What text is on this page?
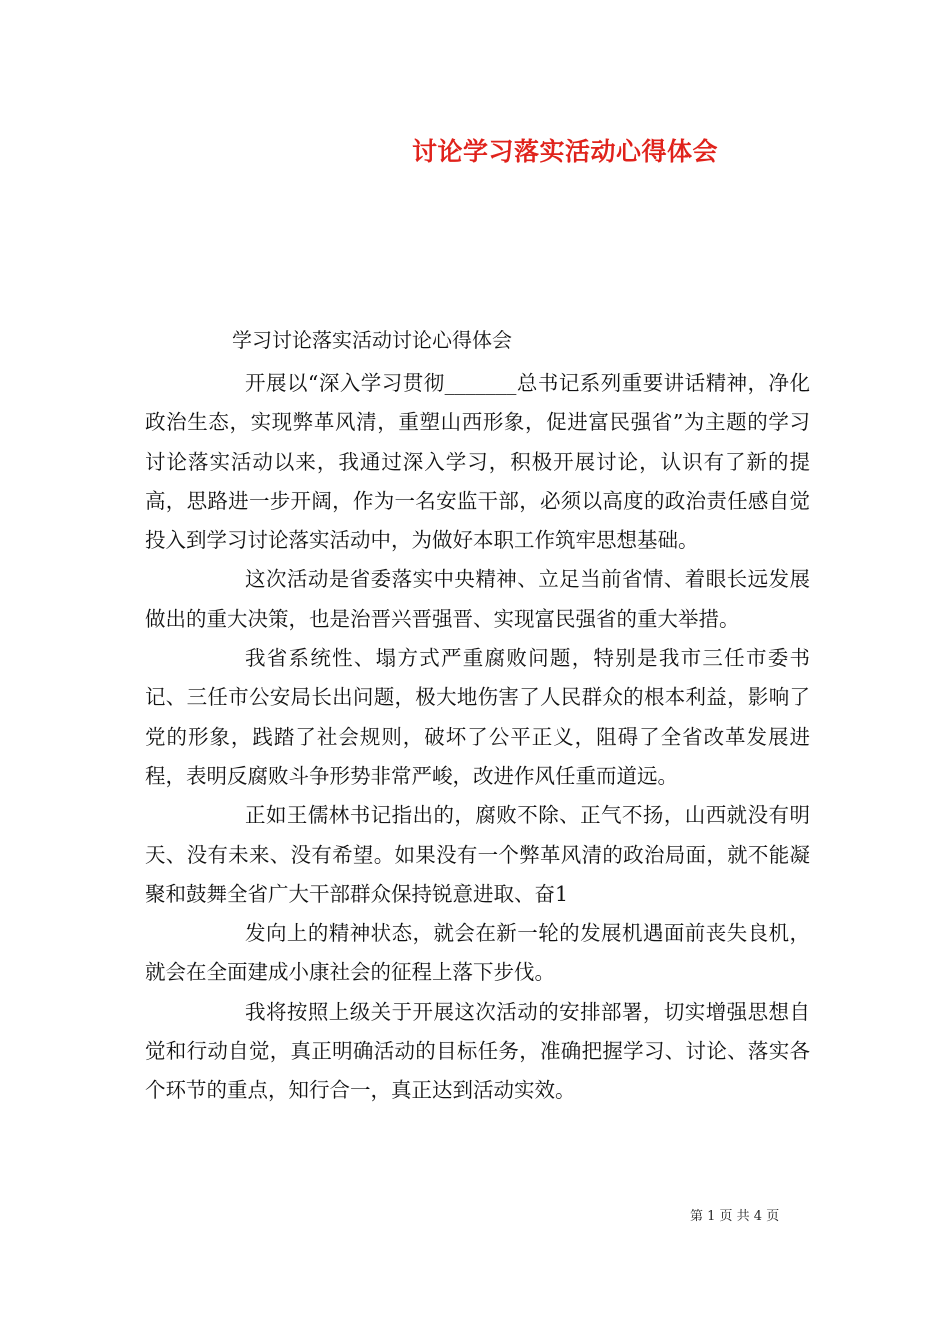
讨论学习落实活动心得体会
学习讨论落实活动讨论心得体会

开展以“深入学习贯彻_______总书记系列重要讲话精神，净化政治生态，实现弊革风清，重塑山西形象，促进富民强省”为主题的学习讨论落实活动以来，我通过深入学习，积极开展讨论，认识有了新的提高，思路进一步开阔，作为一名安监干部，必须以高度的政治责任感自觉投入到学习讨论落实活动中，为做好本职工作筑牢思想基础。

这次活动是省委落实中央精神、立足当前省情、着眼长远发展做出的重大决策，也是治晋兴晋强晋、实现富民强省的重大举措。

我省系统性、塌方式严重腐败问题，特别是我市三任市委书记、三任市公安局长出问题，极大地伤害了人民群众的根本利益，影响了党的形象，践踏了社会规则，破坏了公平正义，阻碍了全省改革发展进程，表明反腐败斗争形势非常严峻，改进作风任重而道远。

正如王儒林书记指出的，腐败不除、正气不扬，山西就没有明天、没有未来、没有希望。如果没有一个弊革风清的政治局面，就不能凝聚和鼓舞全省广大干部群众保持锐意进取、奋1

发向上的精神状态，就会在新一轮的发展机遇面前丧失良机，就会在全面建成小康社会的征程上落下步伐。

我将按照上级关于开展这次活动的安排部署，切实增强思想自觉和行动自觉，真正明确活动的目标任务，准确把握学习、讨论、落实各个环节的重点，知行合一，真正达到活动实效。

第 1 页 共 4 页
